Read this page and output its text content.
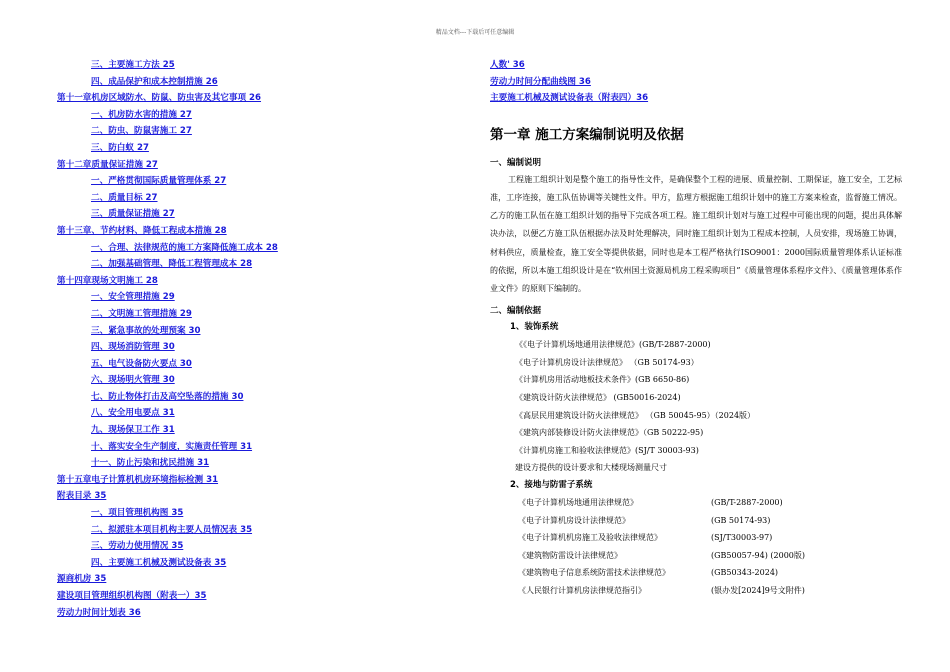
精品文档---下载后可任意编辑
三、主要施工方法 25
四、成品保护和成本控制措施 26
第十一章机房区域防水、防鼠、防虫害及其它事项 26
一、机房防水害的措施 27
二、防虫、防鼠害施工 27
三、防白蚁 27
第十二章质量保证措施 27
一、严格贯彻国际质量管理体系 27
二、质量目标 27
三、质量保证措施 27
第十三章、节约材料、降低工程成本措施 28
一、合理、法律规范的施工方案降低施工成本 28
二、加强基础管理、降低工程管理成本 28
第十四章现场文明施工 28
一、安全管理措施 29
二、文明施工管理措施 29
三、紧急事故的处理预案 30
四、现场消防管理 30
五、电气设备防火要点 30
六、现场明火管理 30
七、防止物体打击及高空坠落的措施 30
八、安全用电要点 31
九、现场保卫工作 31
十、落实安全生产制度，实施责任管理 31
十一、防止污染和扰民措施 31
第十五章电子计算机机房环境指标检测 31
附表目录 35
一、项目管理机构图 35
二、拟派驻本项目机构主要人员情况表 35
三、劳动力使用情况 35
四、主要施工机械及测试设备表 35
源商机房 35
建设项目管理组织机构图（附表一）35
劳动力时间计划表 36
人数' 36
劳动力时间分配曲线图 36
主要施工机械及测试设备表（附表四）36
第一章 施工方案编制说明及依据
一、编制说明
工程施工组织计划是整个施工的指导性文件，是确保整个工程的进展、质量控制、工期保证，施工安全，工艺标准，工序连接，施工队伍协调等关键性文件。甲方，监理方根据施工组织计划中的施工方案来检查，监督施工情况。乙方的施工队伍在施工组织计划的指导下完成各项工程。施工组织计划对与施工过程中可能出现的问题，提出具体解决办法，以便乙方施工队伍根据办法及时处理解决，同时施工组织计划为工程成本控制，人员安排，现场施工协调，材料供应，质量检查，施工安全等提供依据，同时也是本工程严格执行ISO9001：2000国际质量管理体系认证标准的依据，所以本施工组织设计是在“钦州国土资源局机房工程采购项目”《质量管理体系程序文件》、《质量管理体系作业文件》的原则下编制的。
二、编制依据
1、装饰系统
《《电子计算机场地通用法律规范》(GB/T-2887-2000)
《电子计算机房设计法律规范》 （GB 50174-93）
《计算机房用活动地板技术条件》(GB 6650-86)
《建筑设计防火法律规范》 (GB50016-2024)
《高层民用建筑设计防火法律规范》 （GB 50045-95）（2024版）
《建筑内部装修设计防火法律规范》（GB 50222-95)
《计算机房施工和验收法律规范》(SJ/T 30003-93)
建设方提供的设计要求和大楼现场测量尺寸
2、接地与防雷子系统
《电子计算机场地通用法律规范》	(GB/T-2887-2000)
《电子计算机房设计法律规范》	(GB 50174-93)
《电子计算机机房施工及验收法律规范》	(SJ/T30003-97)
《建筑物防雷设计法律规范》	(GB50057-94) (2000版)
《建筑物电子信息系统防雷技术法律规范》	(GB50343-2024)
《人民银行计算机房法律规范指引》	(银办发[2024]9号文附件)
